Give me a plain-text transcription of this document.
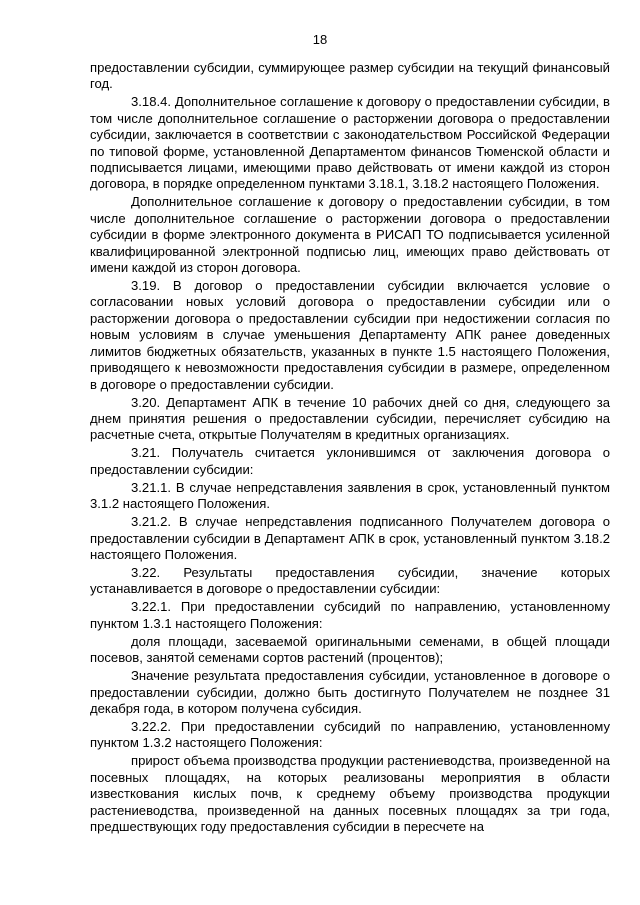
18

предоставлении субсидии, суммирующее размер субсидии на текущий финансовый год.

3.18.4. Дополнительное соглашение к договору о предоставлении субсидии, в том числе дополнительное соглашение о расторжении договора о предоставлении субсидии, заключается в соответствии с законодательством Российской Федерации по типовой форме, установленной Департаментом финансов Тюменской области и подписывается лицами, имеющими право действовать от имени каждой из сторон договора, в порядке определенном пунктами 3.18.1, 3.18.2 настоящего Положения.

Дополнительное соглашение к договору о предоставлении субсидии, в том числе дополнительное соглашение о расторжении договора о предоставлении субсидии в форме электронного документа в РИСАП ТО подписывается усиленной квалифицированной электронной подписью лиц, имеющих право действовать от имени каждой из сторон договора.

3.19. В договор о предоставлении субсидии включается условие о согласовании новых условий договора о предоставлении субсидии или о расторжении договора о предоставлении субсидии при недостижении согласия по новым условиям в случае уменьшения Департаменту АПК ранее доведенных лимитов бюджетных обязательств, указанных в пункте 1.5 настоящего Положения, приводящего к невозможности предоставления субсидии в размере, определенном в договоре о предоставлении субсидии.

3.20. Департамент АПК в течение 10 рабочих дней со дня, следующего за днем принятия решения о предоставлении субсидии, перечисляет субсидию на расчетные счета, открытые Получателям в кредитных организациях.

3.21. Получатель считается уклонившимся от заключения договора о предоставлении субсидии:

3.21.1. В случае непредставления заявления в срок, установленный пунктом 3.1.2 настоящего Положения.

3.21.2. В случае непредставления подписанного Получателем договора о предоставлении субсидии в Департамент АПК в срок, установленный пунктом 3.18.2 настоящего Положения.

3.22. Результаты предоставления субсидии, значение которых устанавливается в договоре о предоставлении субсидии:

3.22.1. При предоставлении субсидий по направлению, установленному пунктом 1.3.1 настоящего Положения:

доля площади, засеваемой оригинальными семенами, в общей площади посевов, занятой семенами сортов растений (процентов);

Значение результата предоставления субсидии, установленное в договоре о предоставлении субсидии, должно быть достигнуто Получателем не позднее 31 декабря года, в котором получена субсидия.

3.22.2. При предоставлении субсидий по направлению, установленному пунктом 1.3.2 настоящего Положения:

прирост объема производства продукции растениеводства, произведенной на посевных площадях, на которых реализованы мероприятия в области известкования кислых почв, к среднему объему производства продукции растениеводства, произведенной на данных посевных площадях за три года, предшествующих году предоставления субсидии в пересчете на
